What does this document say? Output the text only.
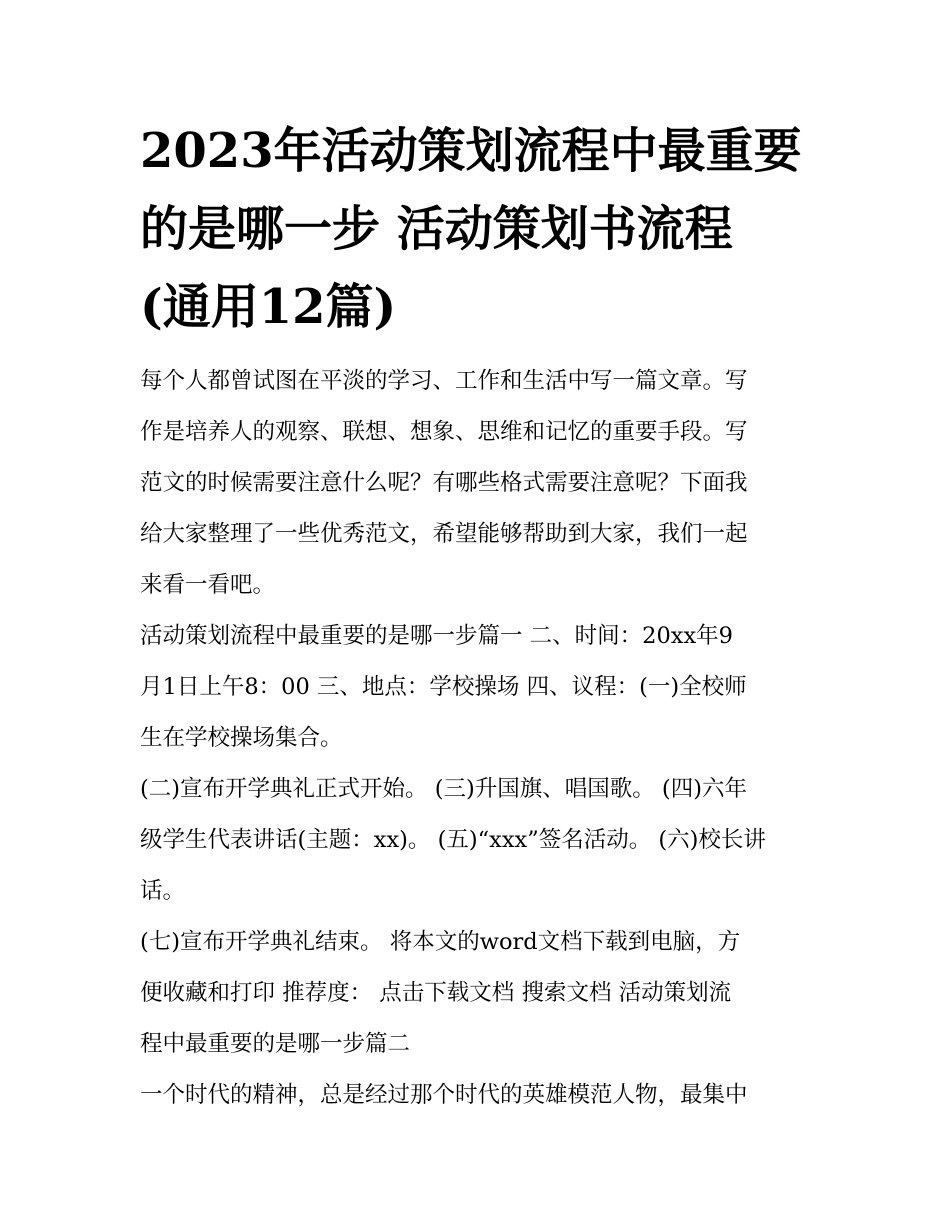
2023年活动策划流程中最重要
的是哪一步 活动策划书流程
(通用12篇)
每个人都曾试图在平淡的学习、工作和生活中写一篇文章。写
作是培养人的观察、联想、想象、思维和记忆的重要手段。写
范文的时候需要注意什么呢？有哪些格式需要注意呢？下面我
给大家整理了一些优秀范文，希望能够帮助到大家，我们一起
来看一看吧。
活动策划流程中最重要的是哪一步篇一 二、时间：20xx年9
月1日上午8：00 三、地点：学校操场 四、议程：(一)全校师
生在学校操场集合。
(二)宣布开学典礼正式开始。 (三)升国旗、唱国歌。 (四)六年
级学生代表讲话(主题：xx)。 (五)“xxx”签名活动。 (六)校长讲
话。
(七)宣布开学典礼结束。 将本文的word文档下载到电脑，方
便收藏和打印 推荐度： 点击下载文档 搜索文档 活动策划流
程中最重要的是哪一步篇二
一个时代的精神，总是经过那个时代的英雄模范人物，最集中
